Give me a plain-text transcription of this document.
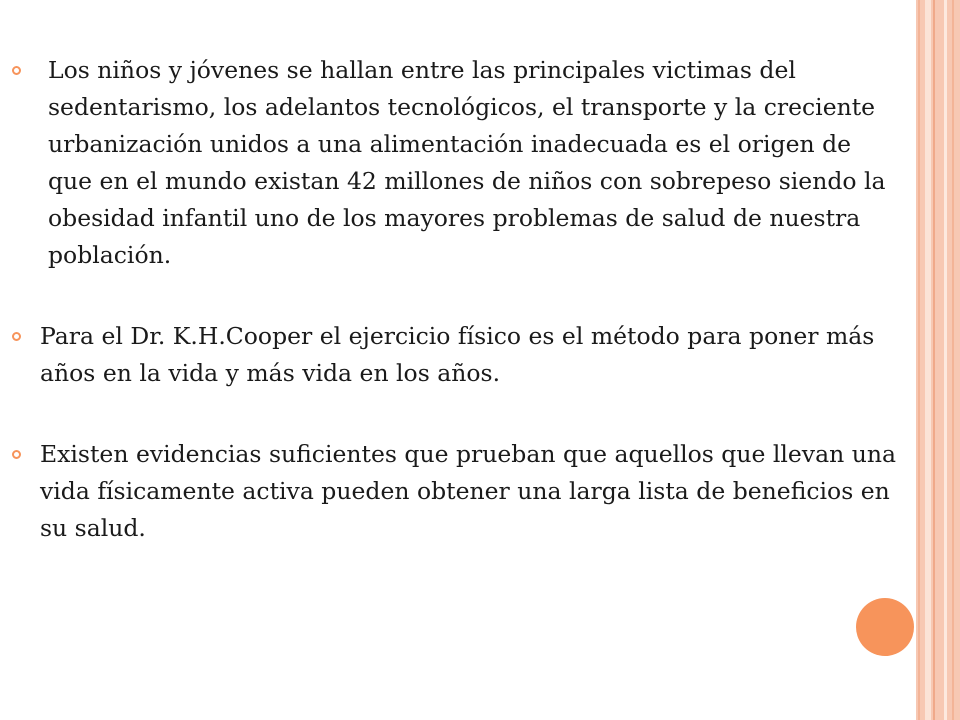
Los niños y jóvenes se hallan entre las principales victimas del sedentarismo, los adelantos tecnológicos, el transporte y la creciente urbanización unidos a una alimentación inadecuada es el origen de que en el mundo existan 42 millones de niños con sobrepeso siendo la obesidad infantil uno de los mayores problemas de salud de nuestra población.
Para el Dr. K.H.Cooper el ejercicio físico es el método para poner más años en la vida y más vida en los años.
Existen evidencias suficientes que prueban que aquellos que llevan una vida físicamente activa pueden obtener una larga lista de beneficios en su salud.
